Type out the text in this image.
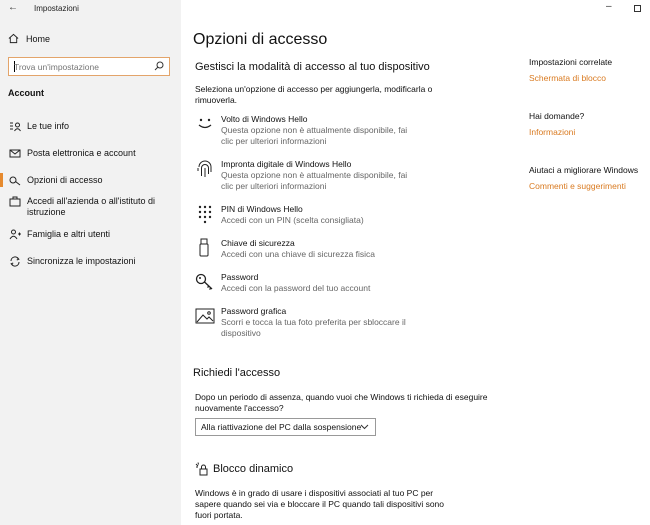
← Impostazioni	–
Home
Trova un'impostazione
Account
Le tue info
Posta elettronica e account
Opzioni di accesso
Accedi all'azienda o all'istituto di istruzione
Famiglia e altri utenti
Sincronizza le impostazioni
Opzioni di accesso
Gestisci la modalità di accesso al tuo dispositivo
Seleziona un'opzione di accesso per aggiungerla, modificarla o rimuoverla.
Volto di Windows Hello
Questa opzione non è attualmente disponibile, fai clic per ulteriori informazioni
Impronta digitale di Windows Hello
Questa opzione non è attualmente disponibile, fai clic per ulteriori informazioni
PIN di Windows Hello
Accedi con un PIN (scelta consigliata)
Chiave di sicurezza
Accedi con una chiave di sicurezza fisica
Password
Accedi con la password del tuo account
Password grafica
Scorri e tocca la tua foto preferita per sbloccare il dispositivo
Richiedi l'accesso
Dopo un periodo di assenza, quando vuoi che Windows ti richieda di eseguire nuovamente l'accesso?
Alla riattivazione del PC dalla sospensione
Blocco dinamico
Windows è in grado di usare i dispositivi associati al tuo PC per sapere quando sei via e bloccare il PC quando tali dispositivi sono fuori portata.
Impostazioni correlate
Schermata di blocco
Hai domande?
Informazioni
Aiutaci a migliorare Windows
Commenti e suggerimenti
